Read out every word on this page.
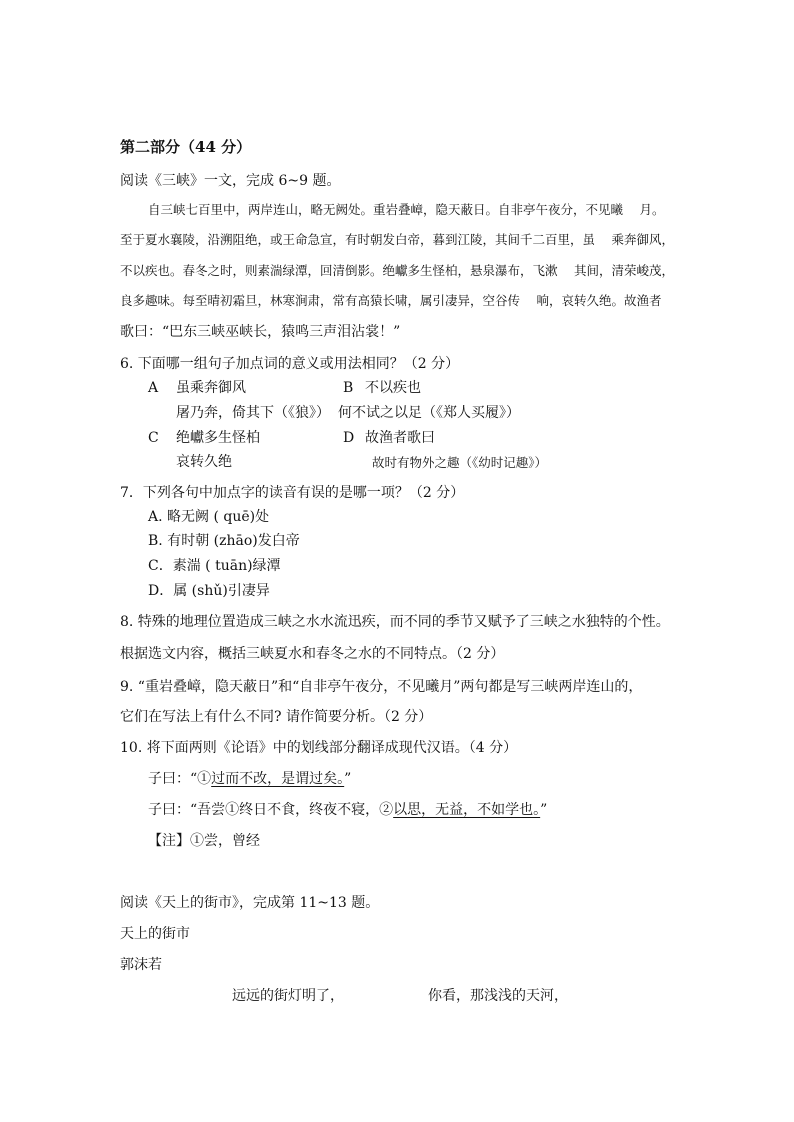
第二部分（44 分）
阅读《三峡》一文，完成 6~9 题。
自三峡七百里中，两岸连山，略无阙处。重岩叠嶂，隐天蔽日。自非亭午夜分，不见曦　 月。
至于夏水襄陵，沿溯阻绝，或王命急宣，有时朝发白帝，暮到江陵，其间千二百里，虽　 乘奔御风，
不以疾也。春冬之时，则素湍绿潭，回清倒影。绝巘多生怪柏，悬泉瀑布，飞漱　 其间，清荣峻茂，
良多趣味。每至晴初霜旦，林寒涧肃，常有高猿长啸，属引凄异，空谷传　 响，哀转久绝。故渔者
歌曰：“巴东三峡巫峡长，猿鸣三声泪沾裳！”
6. 下面哪一组句子加点词的意义或用法相同？（2 分）
A 虽乘奔御风	B 不以疾也
屠乃奔，倚其下（《狼》） 何不试之以足（《郑人买履》）
C 绝巘多生怪柏	D 故渔者歌曰
哀转久绝	故时有物外之趣（《幼时记趣》）
7．下列各句中加点字的读音有误的是哪一项？（2 分）
A. 略无阙 ( quē)处
B. 有时朝 (zhāo)发白帝
C．素湍 ( tuān)绿潭
D．属 (shǔ)引凄异
8. 特殊的地理位置造成三峡之水水流迅疾，而不同的季节又赋予了三峡之水独特的个性。
根据选文内容，概括三峡夏水和春冬之水的不同特点。（2 分）
9. “重岩叠嶂，隐天蔽日”和“自非亭午夜分，不见曦月”两句都是写三峡两岸连山的，
它们在写法上有什么不同? 请作简要分析。（2 分）
10. 将下面两则《论语》中的划线部分翻译成现代汉语。（4 分）
子曰：“①过而不改，是谓过矣。”
子曰：“吾尝①终日不食，终夜不寝，②以思，无益，不如学也。”
【注】①尝，曾经
阅读《天上的街市》，完成第 11~13 题。
天上的街市
郭沫若
远远的街灯明了，	你看，那浅浅的天河，
